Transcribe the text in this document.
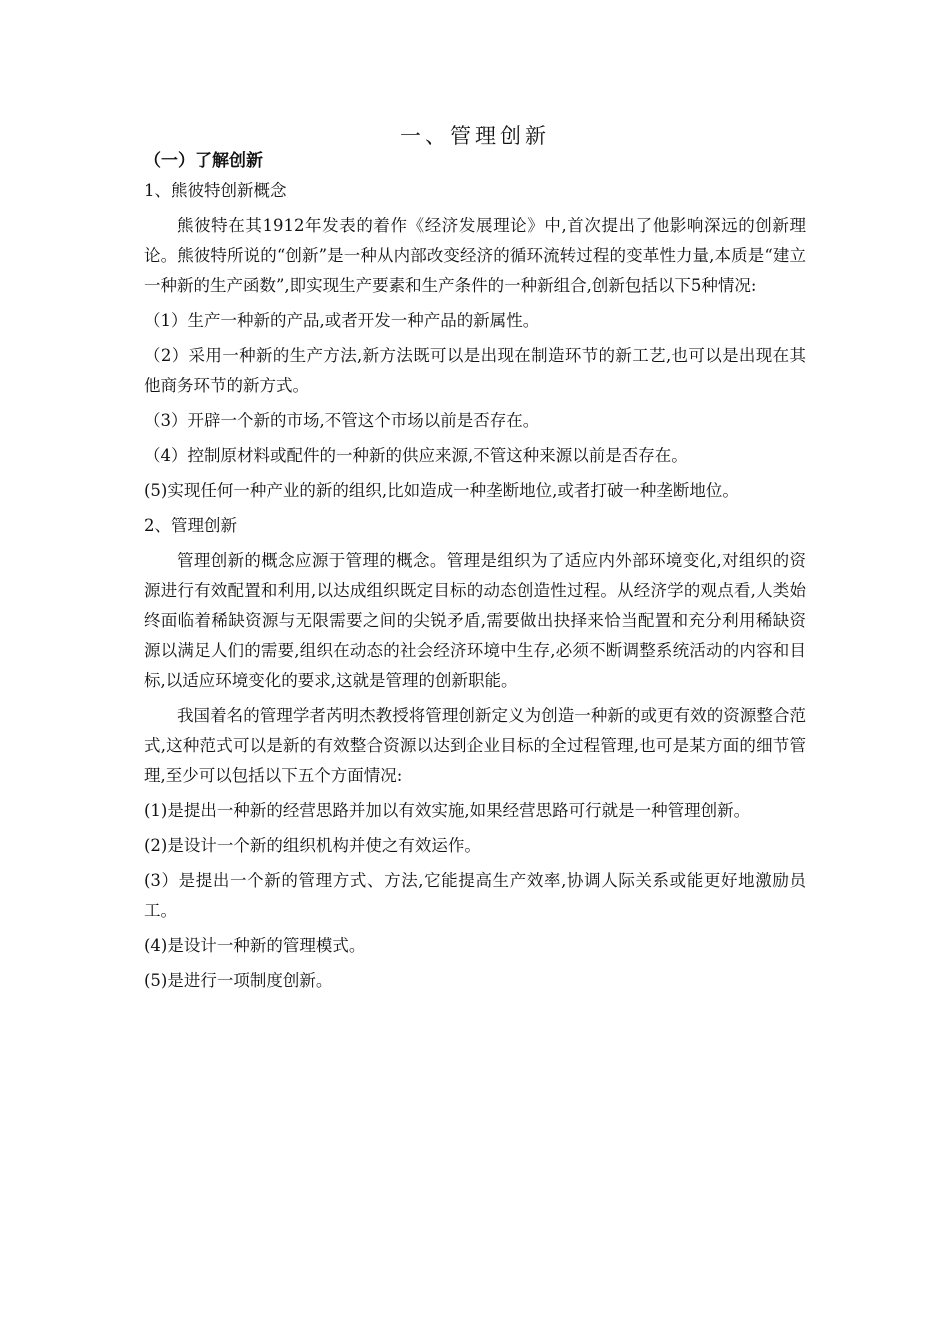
一、管理创新

（一）了解创新

1、熊彼特创新概念

熊彼特在其1912年发表的着作《经济发展理论》中,首次提出了他影响深远的创新理论。熊彼特所说的“创新”是一种从内部改变经济的循环流转过程的变革性力量,本质是“建立一种新的生产函数”,即实现生产要素和生产条件的一种新组合,创新包括以下5种情况:

（1）生产一种新的产品,或者开发一种产品的新属性。

（2）采用一种新的生产方法,新方法既可以是出现在制造环节的新工艺,也可以是出现在其他商务环节的新方式。

（3）开辟一个新的市场,不管这个市场以前是否存在。

（4）控制原材料或配件的一种新的供应来源,不管这种来源以前是否存在。

(5)实现任何一种产业的新的组织,比如造成一种垄断地位,或者打破一种垄断地位。

2、管理创新

管理创新的概念应源于管理的概念。管理是组织为了适应内外部环境变化,对组织的资源进行有效配置和利用,以达成组织既定目标的动态创造性过程。从经济学的观点看,人类始终面临着稀缺资源与无限需要之间的尖锐矛盾,需要做出抉择来恰当配置和充分利用稀缺资源以满足人们的需要,组织在动态的社会经济环境中生存,必须不断调整系统活动的内容和目标,以适应环境变化的要求,这就是管理的创新职能。

我国着名的管理学者芮明杰教授将管理创新定义为创造一种新的或更有效的资源整合范式,这种范式可以是新的有效整合资源以达到企业目标的全过程管理,也可是某方面的细节管理,至少可以包括以下五个方面情况:

(1)是提出一种新的经营思路并加以有效实施,如果经营思路可行就是一种管理创新。

(2)是设计一个新的组织机构并使之有效运作。

(3）是提出一个新的管理方式、方法,它能提高生产效率,协调人际关系或能更好地激励员工。

(4)是设计一种新的管理模式。

(5)是进行一项制度创新。
